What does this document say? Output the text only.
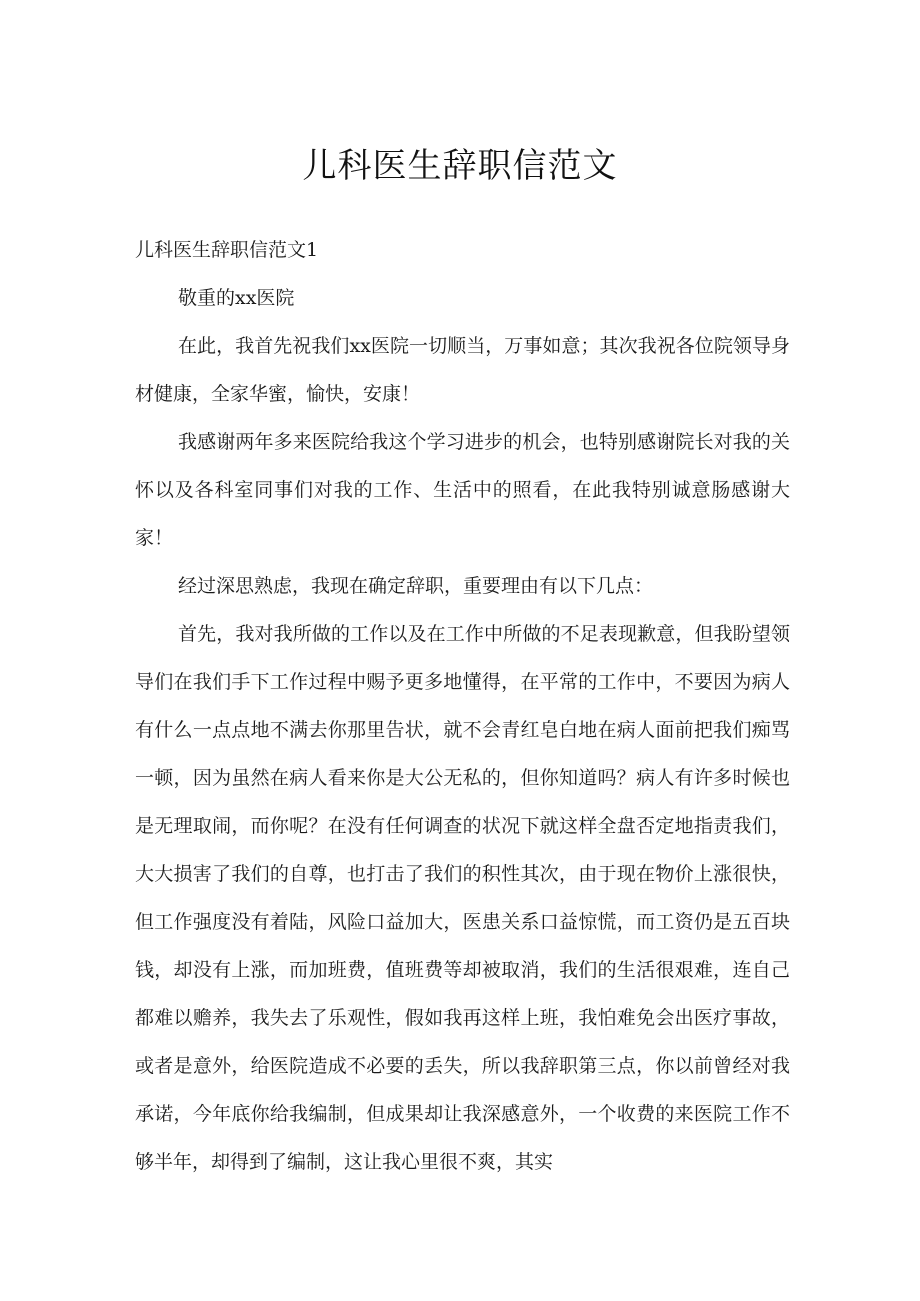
儿科医生辞职信范文

儿科医生辞职信范文1

敬重的xx医院

在此，我首先祝我们xx医院一切顺当，万事如意；其次我祝各位院领导身材健康，全家华蜜，愉快，安康！

我感谢两年多来医院给我这个学习进步的机会，也特别感谢院长对我的关怀以及各科室同事们对我的工作、生活中的照看，在此我特别诚意肠感谢大家！

经过深思熟虑，我现在确定辞职，重要理由有以下几点：

首先，我对我所做的工作以及在工作中所做的不足表现歉意，但我盼望领导们在我们手下工作过程中赐予更多地懂得，在平常的工作中，不要因为病人有什么一点点地不满去你那里告状，就不会青红皂白地在病人面前把我们痴骂一顿，因为虽然在病人看来你是大公无私的，但你知道吗？病人有许多时候也是无理取闹，而你呢？在没有任何调查的状况下就这样全盘否定地指责我们，大大损害了我们的自尊，也打击了我们的积性其次，由于现在物价上涨很快，但工作强度没有着陆，风险口益加大，医患关系口益惊慌，而工资仍是五百块钱，却没有上涨，而加班费，值班费等却被取消，我们的生活很艰难，连自己都难以赡养，我失去了乐观性，假如我再这样上班，我怕难免会出医疗事故，或者是意外，给医院造成不必要的丢失，所以我辞职第三点，你以前曾经对我承诺，今年底你给我编制，但成果却让我深感意外，一个收费的来医院工作不够半年，却得到了编制，这让我心里很不爽，其实
